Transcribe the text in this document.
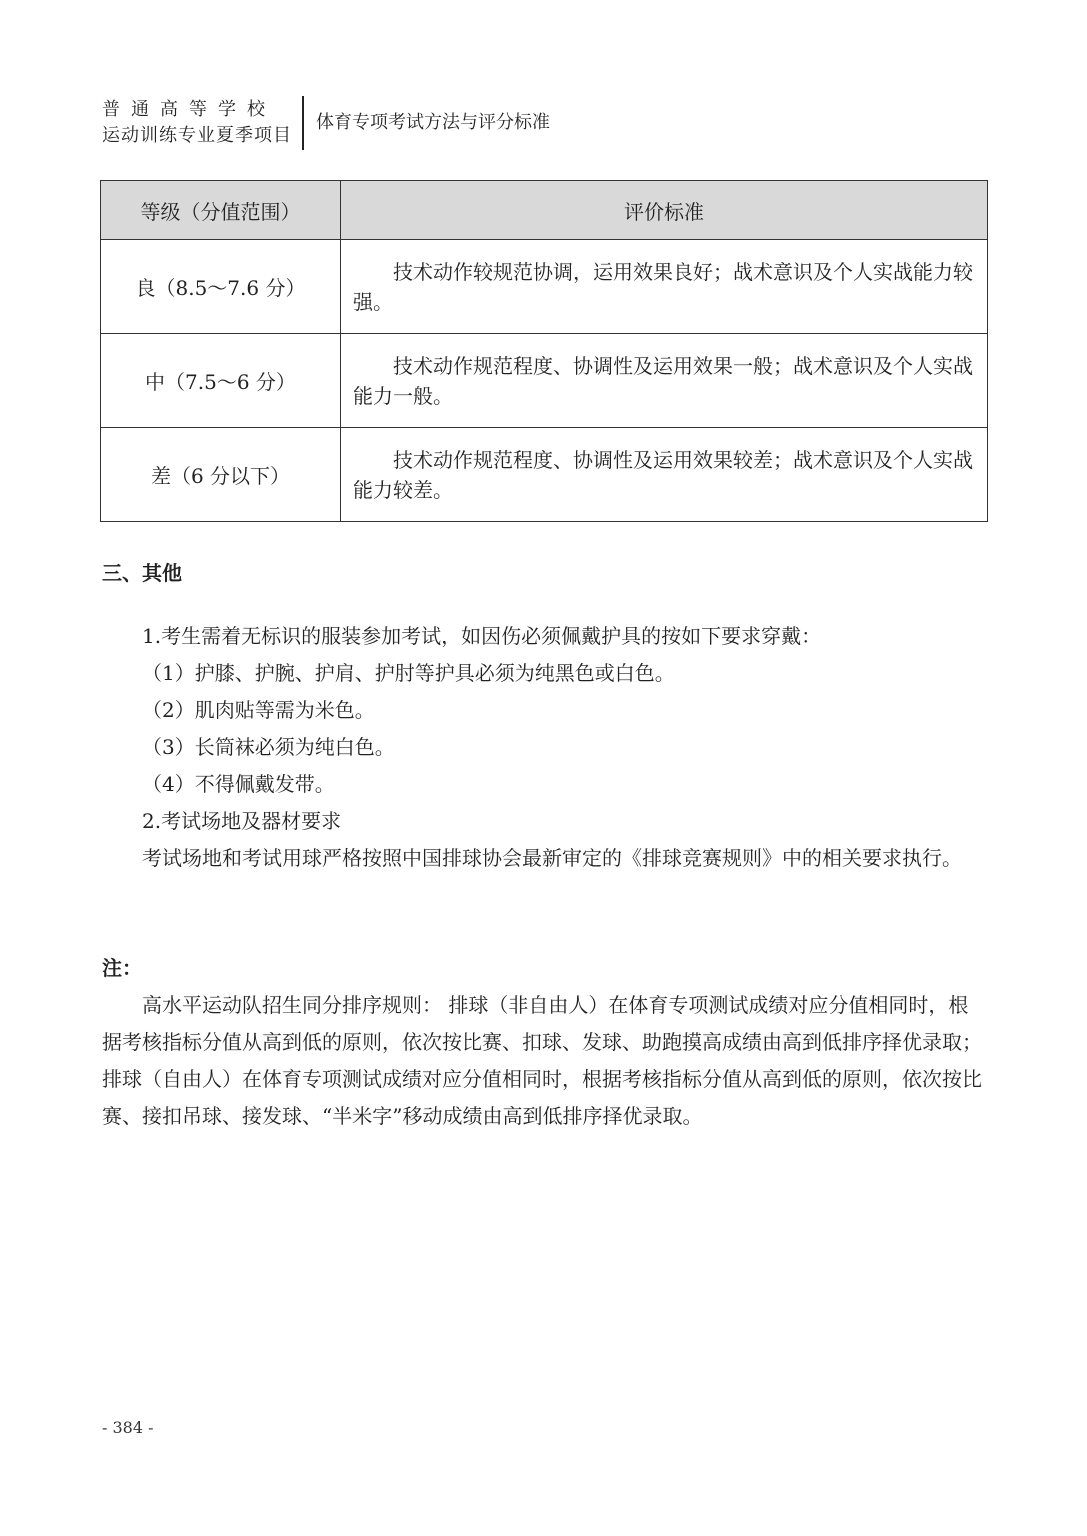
普通高等学校
运动训练专业夏季项目
体育专项考试方法与评分标准
等级（分值范围）	评价标准
良（8.5〜7.6 分）	技术动作较规范协调，运用效果良好；战术意识及个人实战能力较强。
中（7.5〜6 分）	技术动作规范程度、协调性及运用效果一般；战术意识及个人实战能力一般。
差（6 分以下）	技术动作规范程度、协调性及运用效果较差；战术意识及个人实战能力较差。

三、其他

1.考生需着无标识的服装参加考试，如因伤必须佩戴护具的按如下要求穿戴：

（1）护膝、护腕、护肩、护肘等护具必须为纯黑色或白色。

（2）肌肉贴等需为米色。

（3）长筒袜必须为纯白色。

（4）不得佩戴发带。

2.考试场地及器材要求

考试场地和考试用球严格按照中国排球协会最新审定的《排球竞赛规则》中的相关要求执行。

注：

高水平运动队招生同分排序规则： 排球（非自由人）在体育专项测试成绩对应分值相同时，根据考核指标分值从高到低的原则，依次按比赛、扣球、发球、助跑摸高成绩由高到低排序择优录取；排球（自由人）在体育专项测试成绩对应分值相同时，根据考核指标分值从高到低的原则，依次按比赛、接扣吊球、接发球、“半米字”移动成绩由高到低排序择优录取。

- 384 -
